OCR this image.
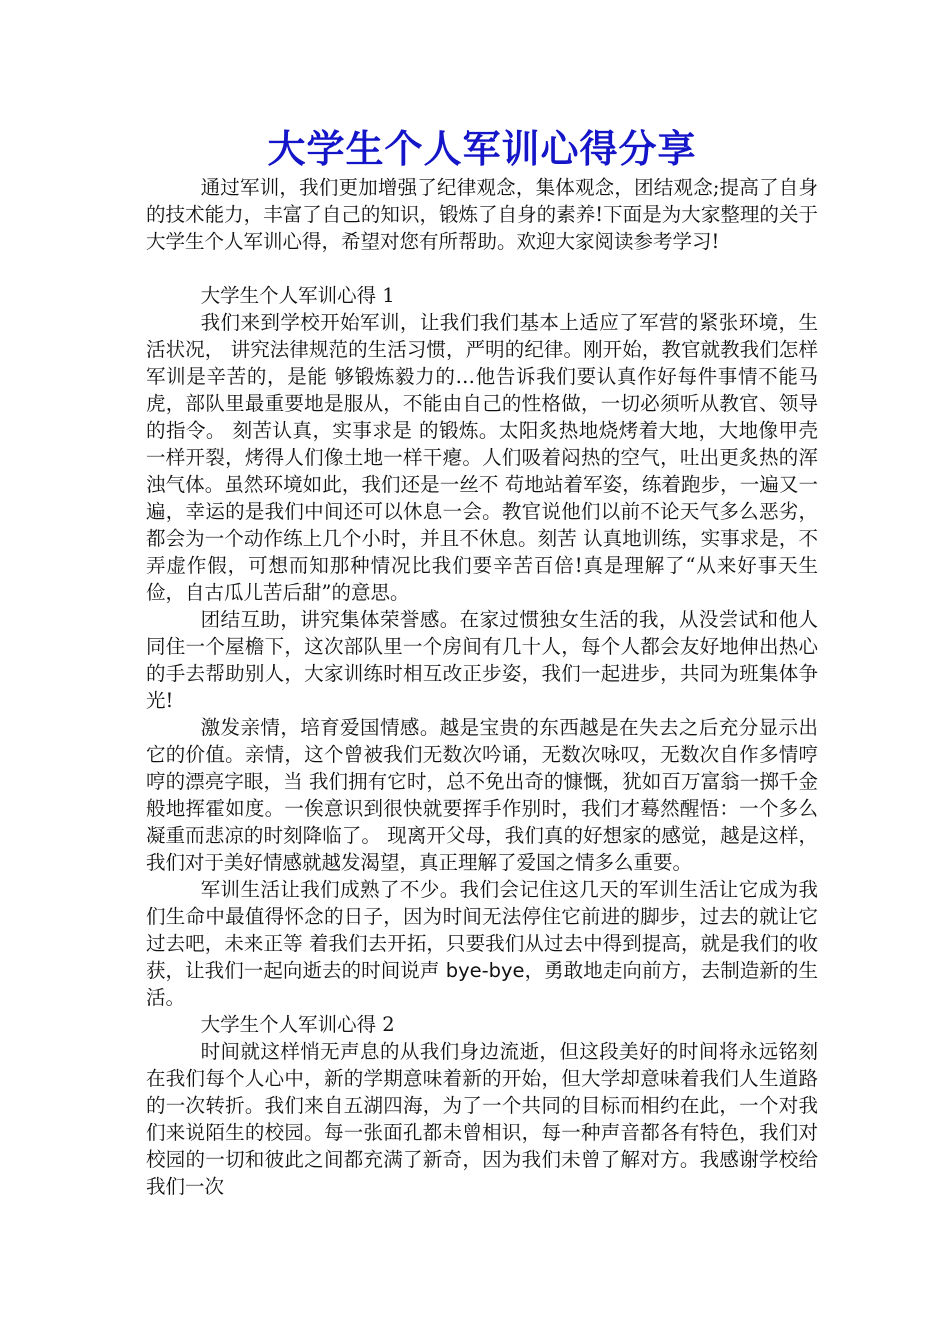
大学生个人军训心得分享

通过军训，我们更加增强了纪律观念，集体观念，团结观念;提高了自身的技术能力，丰富了自己的知识，锻炼了自身的素养!下面是为大家整理的关于大学生个人军训心得，希望对您有所帮助。欢迎大家阅读参考学习!

大学生个人军训心得 1

我们来到学校开始军训，让我们我们基本上适应了军营的紧张环境，生活状况， 讲究法律规范的生活习惯，严明的纪律。刚开始，教官就教我们怎样军训是辛苦的，是能 够锻炼毅力的…他告诉我们要认真作好每件事情不能马虎，部队里最重要地是服从，不能由自己的性格做，一切必须听从教官、领导的指令。 刻苦认真，实事求是 的锻炼。太阳炙热地烧烤着大地，大地像甲壳一样开裂，烤得人们像土地一样干瘪。人们吸着闷热的空气，吐出更炙热的浑浊气体。虽然环境如此，我们还是一丝不 苟地站着军姿，练着跑步，一遍又一遍，幸运的是我们中间还可以休息一会。教官说他们以前不论天气多么恶劣，都会为一个动作练上几个小时，并且不休息。刻苦 认真地训练，实事求是，不弄虚作假，可想而知那种情况比我们要辛苦百倍!真是理解了“从来好事天生俭，自古瓜儿苦后甜”的意思。

团结互助，讲究集体荣誉感。在家过惯独女生活的我，从没尝试和他人同住一个屋檐下，这次部队里一个房间有几十人，每个人都会友好地伸出热心的手去帮助别人，大家训练时相互改正步姿，我们一起进步，共同为班集体争光!

激发亲情，培育爱国情感。越是宝贵的东西越是在失去之后充分显示出它的价值。亲情，这个曾被我们无数次吟诵，无数次咏叹，无数次自作多情哼哼的漂亮字眼，当 我们拥有它时，总不免出奇的慷慨，犹如百万富翁一掷千金般地挥霍如度。一俟意识到很快就要挥手作别时，我们才蓦然醒悟：一个多么凝重而悲凉的时刻降临了。 现离开父母，我们真的好想家的感觉，越是这样，我们对于美好情感就越发渴望，真正理解了爱国之情多么重要。

军训生活让我们成熟了不少。我们会记住这几天的军训生活让它成为我们生命中最值得怀念的日子，因为时间无法停住它前进的脚步，过去的就让它过去吧，未来正等 着我们去开拓，只要我们从过去中得到提高，就是我们的收获，让我们一起向逝去的时间说声 bye-bye，勇敢地走向前方，去制造新的生活。

大学生个人军训心得 2

时间就这样悄无声息的从我们身边流逝，但这段美好的时间将永远铭刻在我们每个人心中，新的学期意味着新的开始，但大学却意味着我们人生道路的一次转折。我们来自五湖四海，为了一个共同的目标而相约在此，一个对我们来说陌生的校园。每一张面孔都未曾相识，每一种声音都各有特色，我们对校园的一切和彼此之间都充满了新奇，因为我们未曾了解对方。我感谢学校给我们一次
